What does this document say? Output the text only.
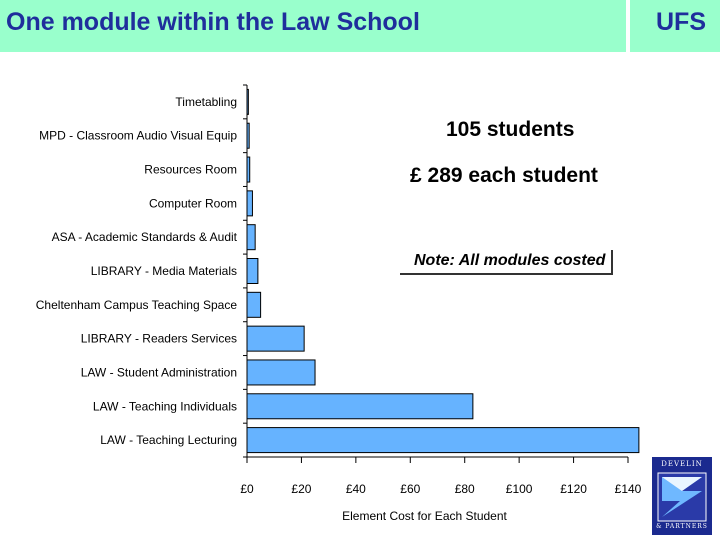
One module within the Law School	UFS
Timetabling
MPD - Classroom Audio Visual Equip
Resources Room
Computer Room
ASA - Academic Standards & Audit
LIBRARY - Media Materials
Cheltenham Campus Teaching Space
LIBRARY - Readers Services
LAW - Student Administration
LAW - Teaching Individuals
LAW - Teaching Lecturing
£0	£20	£40	£60	£80	£100 £120 £140
Element Cost for Each Student
105 students
£ 289 each student
Note: All modules costed
DEVELIN
& PARTNERS
